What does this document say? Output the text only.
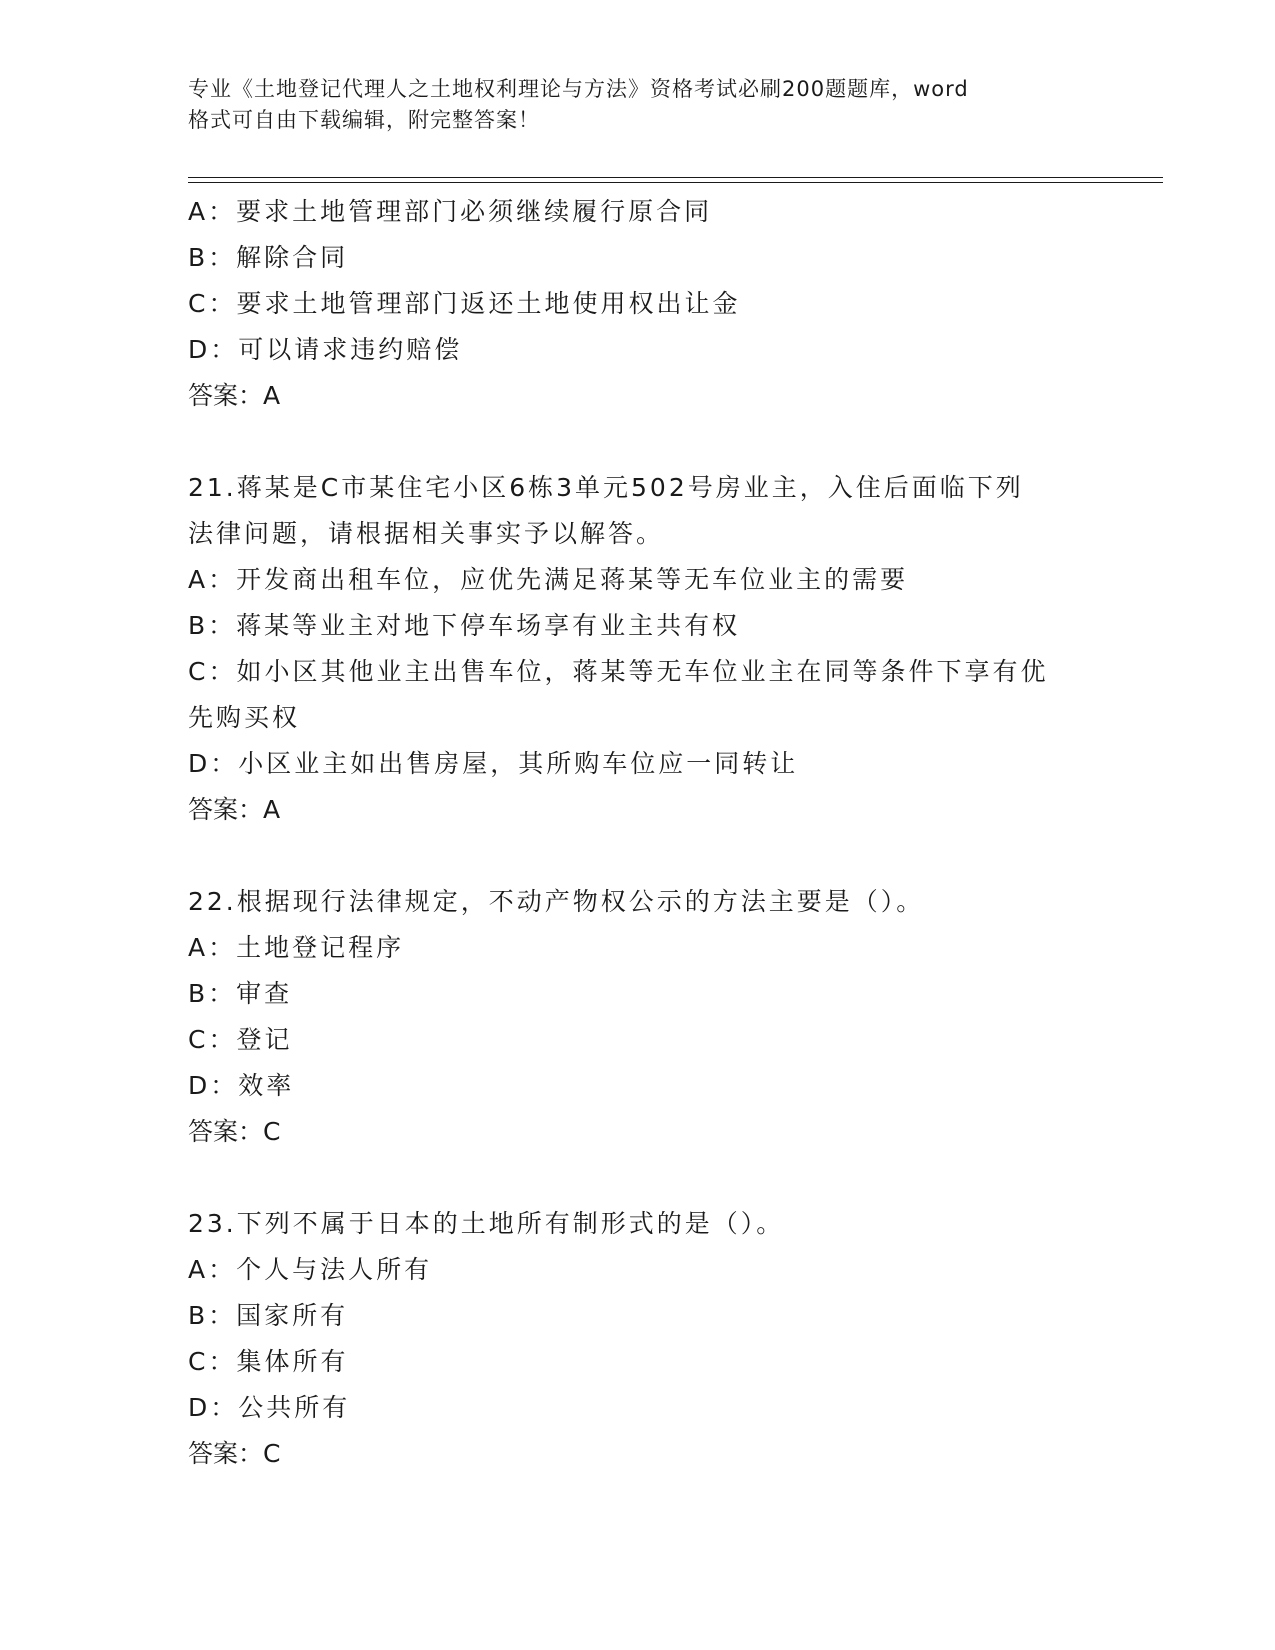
专业《土地登记代理人之土地权利理论与方法》资格考试必刷200题题库，word
格式可自由下载编辑，附完整答案！
A：要求土地管理部门必须继续履行原合同
B：解除合同
C：要求土地管理部门返还土地使用权出让金
D：可以请求违约赔偿
答案：A
21.蒋某是C市某住宅小区6栋3单元502号房业主，入住后面临下列
法律问题，请根据相关事实予以解答。
A：开发商出租车位，应优先满足蒋某等无车位业主的需要
B：蒋某等业主对地下停车场享有业主共有权
C：如小区其他业主出售车位，蒋某等无车位业主在同等条件下享有优
先购买权
D：小区业主如出售房屋，其所购车位应一同转让
答案：A
22.根据现行法律规定，不动产物权公示的方法主要是（）。
A：土地登记程序
B：审查
C：登记
D：效率
答案：C
23.下列不属于日本的土地所有制形式的是（）。
A：个人与法人所有
B：国家所有
C：集体所有
D：公共所有
答案：C
